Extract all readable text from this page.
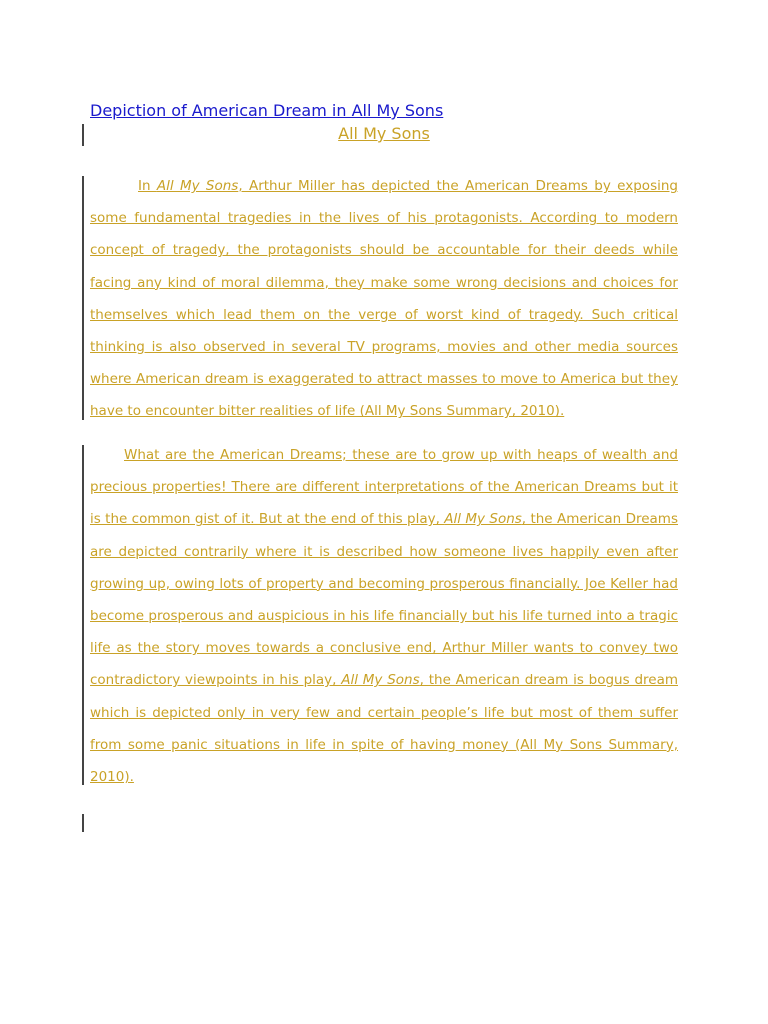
Depiction of American Dream in All My Sons
All My Sons

In All My Sons, Arthur Miller has depicted the American Dreams by exposing some fundamental tragedies in the lives of his protagonists. According to modern concept of tragedy, the protagonists should be accountable for their deeds while facing any kind of moral dilemma, they make some wrong decisions and choices for themselves which lead them on the verge of worst kind of tragedy. Such critical thinking is also observed in several TV programs, movies and other media sources where American dream is exaggerated to attract masses to move to America but they have to encounter bitter realities of life (All My Sons Summary, 2010).

What are the American Dreams; these are to grow up with heaps of wealth and precious properties! There are different interpretations of the American Dreams but it is the common gist of it. But at the end of this play, All My Sons, the American Dreams are depicted contrarily where it is described how someone lives happily even after growing up, owing lots of property and becoming prosperous financially. Joe Keller had become prosperous and auspicious in his life financially but his life turned into a tragic life as the story moves towards a conclusive end, Arthur Miller wants to convey two contradictory viewpoints in his play, All My Sons, the American dream is bogus dream which is depicted only in very few and certain people’s life but most of them suffer from some panic situations in life in spite of having money (All My Sons Summary, 2010).
